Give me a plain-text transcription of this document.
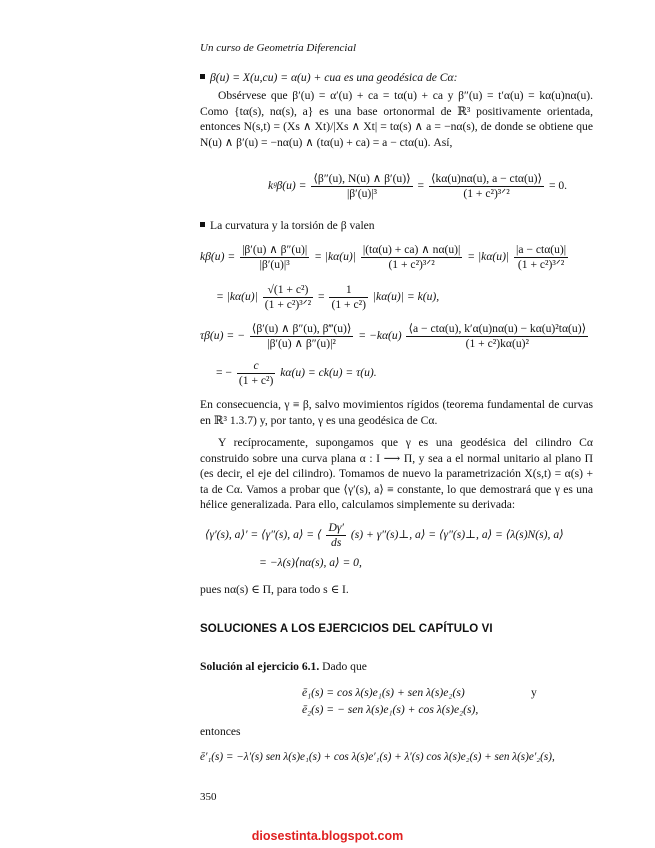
Un curso de Geometría Diferencial
β(u) = X(u,cu) = α(u) + cua es una geodésica de Cα:
Obsérvese que β′(u) = α′(u) + ca = tα(u) + ca y β″(u) = t′α(u) = kα(u)nα(u). Como {tα(s), nα(s), a} es una base ortonormal de ℝ³ positivamente orientada, entonces N(s,t) = (Xs ∧ Xt)/|Xs ∧ Xt| = tα(s) ∧ a = −nα(s), de donde se obtiene que N(u) ∧ β′(u) = −nα(u) ∧ (tα(u) + ca) = a − ctα(u). Así,
kᵍβ(u) = $\frac{⟨\beta''(u), N(u) \wedge \beta'(u)⟩}{\text{|β′(u)|³}} = \frac{\text{⟨kα(u)nα(u), a − ctα(u)⟩}}{\text{(1 + c²)³ᐟ²}} = 0$.
La curvatura y la torsión de β valen
$k\beta(u) = \frac{|\beta'(u) \wedge \beta''(u)|}{\text{|β′(u)|³}} = |k\alpha(u)| \frac{|(t\alpha(u) + ca) \wedge n\alpha(u)|}{\text{(1 + c²)³ᐟ²}} = |k\alpha(u)| \frac{\text{|a − ctα(u)|}}{\text{(1 + c²)³ᐟ²}}$
= $|k\alpha(u)| \frac{\text{√(1 + c²)}}{\text{(1 + c²)³ᐟ²}} = \frac{1}{\text{(1 + c²)}} |k\alpha(u)| = k(u)$,
τβ(u) = − $\frac{⟨\beta'(u) \wedge \beta''(u), \beta‴(u)⟩}{\text{|β′(u) ∧ β″(u)|²}} = -k\alpha(u) \frac{\text{⟨a − ctα(u), k′α(u)nα(u) − kα(u)²tα(u)⟩}}{\text{(1 + c²)kα(u)²}}$
= − $\frac{c}{\text{(1 + c²)}} k\alpha(u) = ck(u) = \tau(u)$.
En consecuencia, γ ≡ β, salvo movimientos rígidos (teorema fundamental de curvas en ℝ³ 1.3.7) y, por tanto, γ es una geodésica de Cα.
Y recíprocamente, supongamos que γ es una geodésica del cilindro Cα construido sobre una curva plana α : I ⟶ Π, y sea a el normal unitario al plano Π (es decir, el eje del cilindro). Tomamos de nuevo la parametrización X(s,t) = α(s) + ta de Cα. Vamos a probar que ⟨γ′(s), a⟩ ≡ constante, lo que demostrará que γ es una hélice generalizada. Para ello, calculamos simplemente su derivada:
⟨γ′(s), a⟩′ = ⟨γ″(s), a⟩ = ⟨ $\frac{D\gamma'}{ds} (s)$ + γ″(s)⊥, a⟩ = ⟨γ″(s)⊥, a⟩ = ⟨λ(s)N(s), a⟩
= −λ(s)⟨nα(s), a⟩ = 0,
pues nα(s) ∈ Π, para todo s ∈ I.
SOLUCIONES A LOS EJERCICIOS DEL CAPÍTULO VI
Solución al ejercicio 6.1. Dado que
ē₁(s) = cos λ(s)e₁(s) + sen λ(s)e₂(s)	y
ē₂(s) = − sen λ(s)e₁(s) + cos λ(s)e₂(s),
entonces
ē′₁(s) = −λ′(s) sen λ(s)e₁(s) + cos λ(s)e′₁(s) + λ′(s) cos λ(s)e₂(s) + sen λ(s)e′₂(s),
350
diosestinta.blogspot.com
